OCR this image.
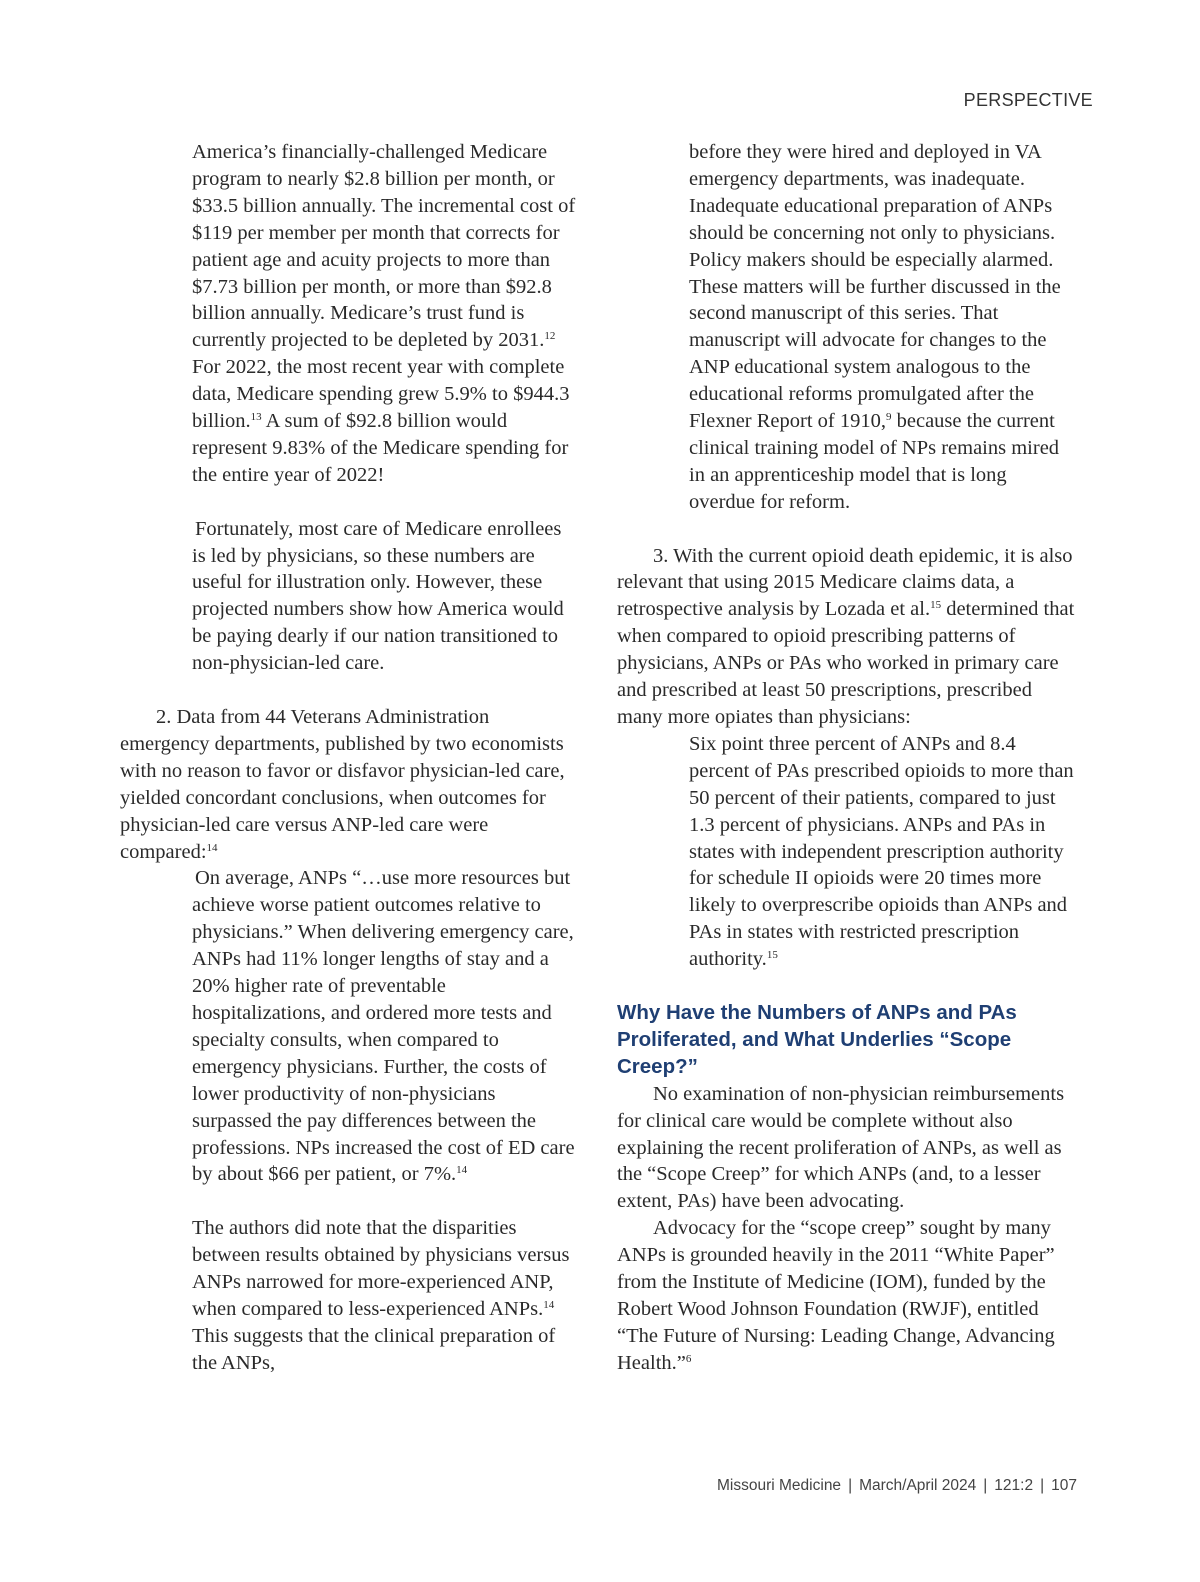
PERSPECTIVE

America’s financially-challenged Medicare program to nearly $2.8 billion per month, or $33.5 billion annually. The incremental cost of $119 per member per month that corrects for patient age and acuity projects to more than $7.73 billion per month, or more than $92.8 billion annually. Medicare’s trust fund is currently projected to be depleted by 2031.12 For 2022, the most recent year with complete data, Medicare spending grew 5.9% to $944.3 billion.$^{13}$ A sum of $92.8 billion would represent 9.83% of the Medicare spending for the entire year of 2022!

Fortunately, most care of Medicare enrollees is led by physicians, so these numbers are useful for illustration only. However, these projected numbers show how America would be paying dearly if our nation transitioned to non-physician-led care.

2. Data from 44 Veterans Administration emergency departments, published by two economists with no reason to favor or disfavor physician-led care, yielded concordant conclusions, when outcomes for physician-led care versus ANP-led care were compared:$^{14}$

On average, ANPs “…use more resources but achieve worse patient outcomes relative to physicians.” When delivering emergency care, ANPs had 11% longer lengths of stay and a 20% higher rate of preventable hospitalizations, and ordered more tests and specialty consults, when compared to emergency physicians. Further, the costs of lower productivity of non-physicians surpassed the pay differences between the professions. NPs increased the cost of ED care by about $66 per patient, or 7%.$^{14}$

The authors did note that the disparities between results obtained by physicians versus ANPs narrowed for more-experienced ANP, when compared to less-experienced ANPs.$^{14}$ This suggests that the clinical preparation of the ANPs,

before they were hired and deployed in VA emergency departments, was inadequate. Inadequate educational preparation of ANPs should be concerning not only to physicians. Policy makers should be especially alarmed. These matters will be further discussed in the second manuscript of this series. That manuscript will advocate for changes to the ANP educational system analogous to the educational reforms promulgated after the Flexner Report of 1910,$^9$ because the current clinical training model of NPs remains mired in an apprenticeship model that is long overdue for reform.

3. With the current opioid death epidemic, it is also relevant that using 2015 Medicare claims data, a retrospective analysis by Lozada et al.$^{15}$ determined that when compared to opioid prescribing patterns of physicians, ANPs or PAs who worked in primary care and prescribed at least 50 prescriptions, prescribed many more opiates than physicians:

Six point three percent of ANPs and 8.4 percent of PAs prescribed opioids to more than 50 percent of their patients, compared to just 1.3 percent of physicians. ANPs and PAs in states with independent prescription authority for schedule II opioids were 20 times more likely to overprescribe opioids than ANPs and PAs in states with restricted prescription authority.$^{15}$

Why Have the Numbers of ANPs and PAs Proliferated, and What Underlies “Scope Creep?”

No examination of non-physician reimbursements for clinical care would be complete without also explaining the recent proliferation of ANPs, as well as the “Scope Creep” for which ANPs (and, to a lesser extent, PAs) have been advocating.

Advocacy for the “scope creep” sought by many ANPs is grounded heavily in the 2011 “White Paper” from the Institute of Medicine (IOM), funded by the Robert Wood Johnson Foundation (RWJF), entitled “The Future of Nursing: Leading Change, Advancing Health.”$^6$

Missouri Medicine | March/April 2024 | 121:2 | 107
